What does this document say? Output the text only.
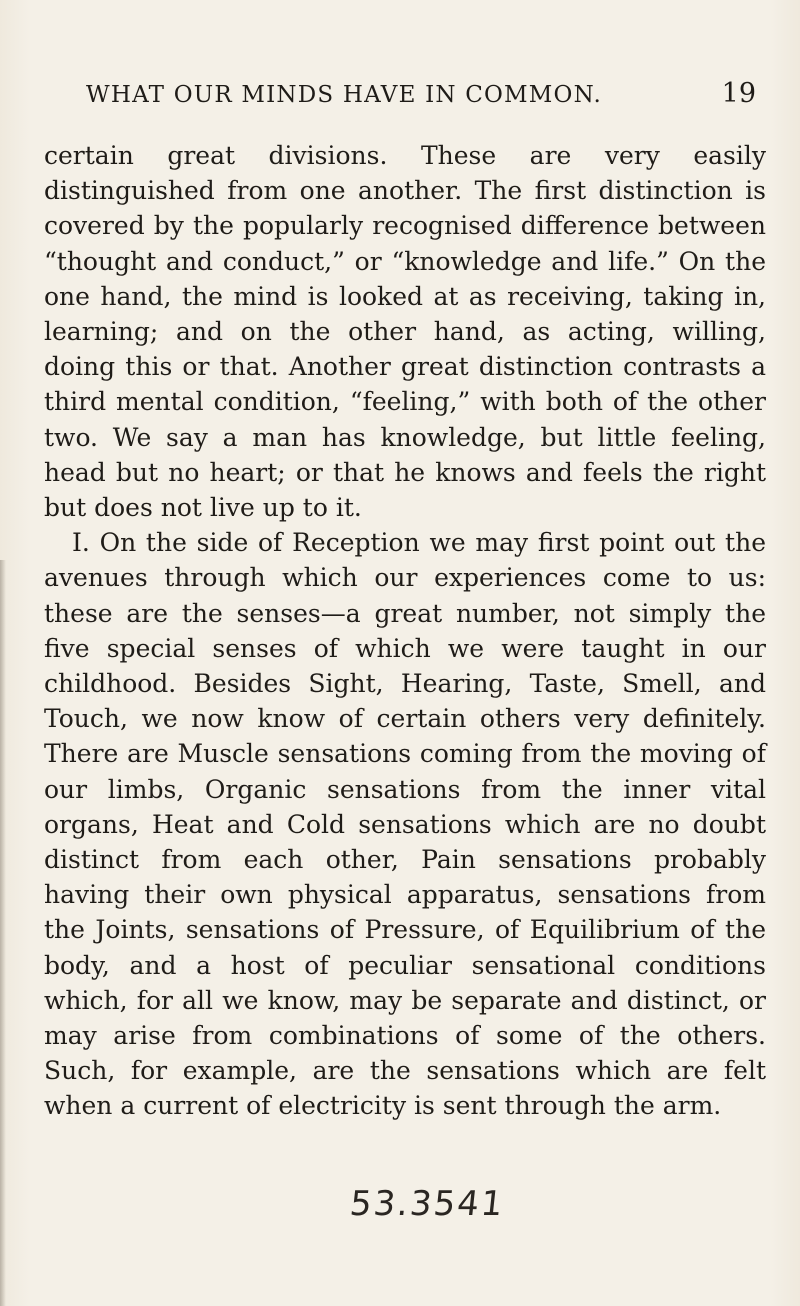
WHAT OUR MINDS HAVE IN COMMON.	19

certain great divisions. These are very easily distinguished from one another. The first distinction is covered by the popularly recognised difference between “thought and conduct,” or “knowledge and life.” On the one hand, the mind is looked at as receiving, taking in, learning; and on the other hand, as acting, willing, doing this or that. Another great distinction contrasts a third mental condition, “feeling,” with both of the other two. We say a man has knowledge, but little feeling, head but no heart; or that he knows and feels the right but does not live up to it.

I. On the side of Reception we may first point out the avenues through which our experiences come to us: these are the senses—a great number, not simply the five special senses of which we were taught in our childhood. Besides Sight, Hearing, Taste, Smell, and Touch, we now know of certain others very definitely. There are Muscle sensations coming from the moving of our limbs, Organic sensations from the inner vital organs, Heat and Cold sensations which are no doubt distinct from each other, Pain sensations probably having their own physical apparatus, sensations from the Joints, sensations of Pressure, of Equilibrium of the body, and a host of peculiar sensational conditions which, for all we know, may be separate and distinct, or may arise from combinations of some of the others. Such, for example, are the sensations which are felt when a current of electricity is sent through the arm.

53.3541
